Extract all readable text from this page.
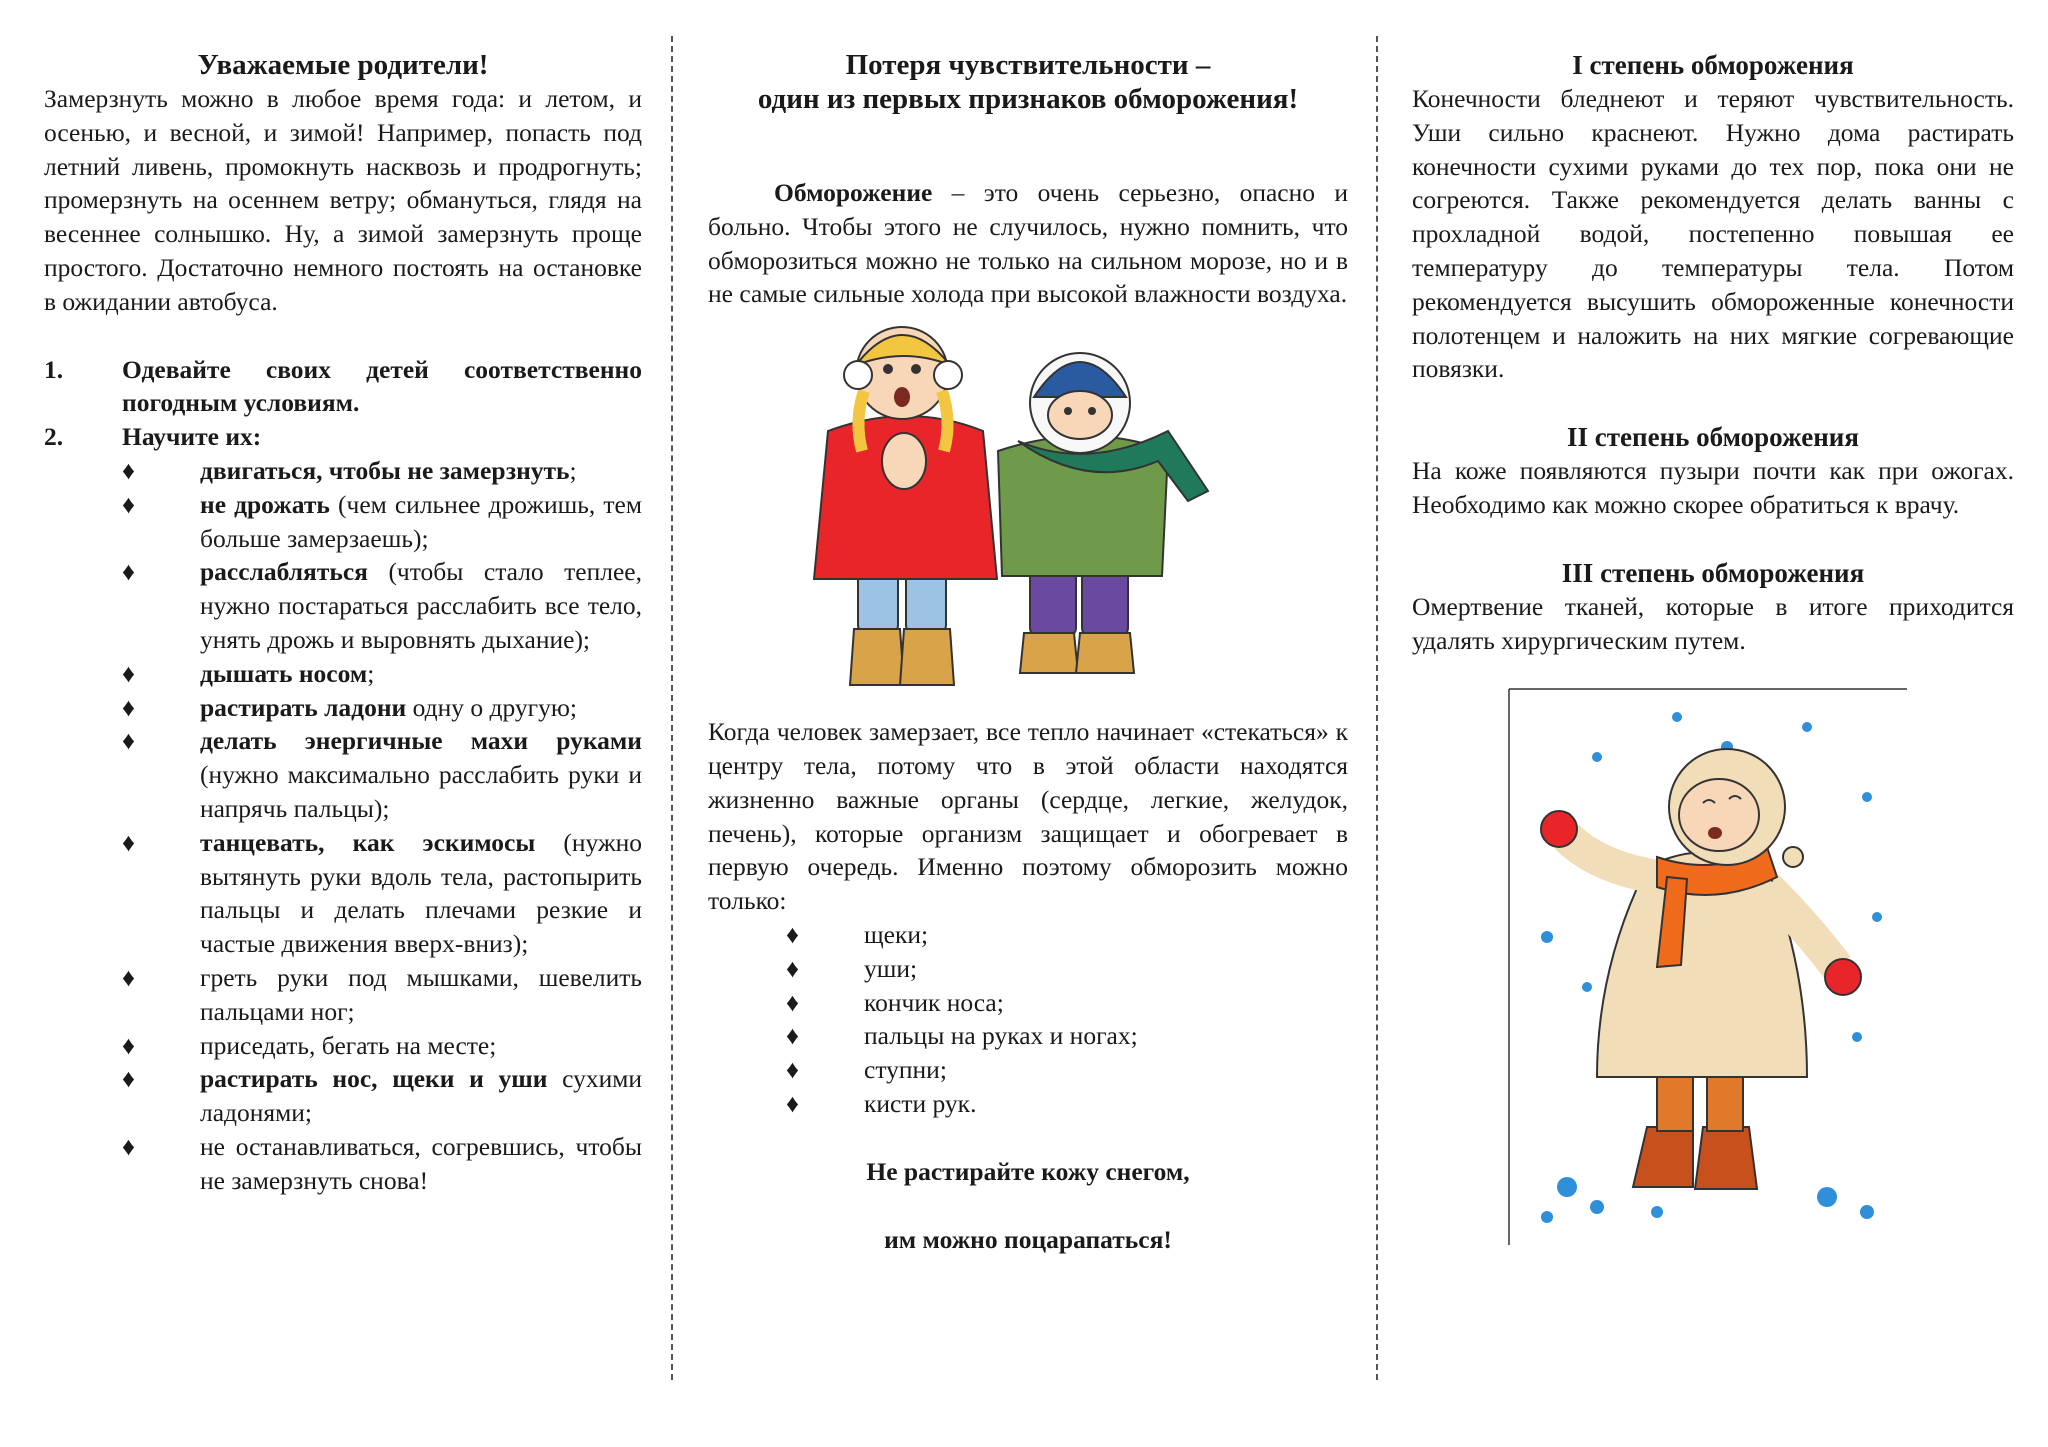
Уважаемые родители!

Замерзнуть можно в любое время года: и летом, и осенью, и весной, и зимой! Например, попасть под летний ливень, промокнуть насквозь и продрогнуть; промерзнуть на осеннем ветру; обмануться, глядя на весеннее солнышко. Ну, а зимой замерзнуть проще простого. Достаточно немного постоять на остановке в ожидании автобуса.

1.	Одевайте своих детей соответственно погодным условиям.
2.	Научите их:
♦	двигаться, чтобы не замерзнуть;
♦	не дрожать (чем сильнее дрожишь, тем больше замерзаешь);
♦	расслабляться (чтобы стало теплее, нужно постараться расслабить все тело, унять дрожь и выровнять дыхание);
♦	дышать носом;
♦	растирать ладони одну о другую;
♦	делать энергичные махи руками (нужно максимально расслабить руки и напрячь пальцы);
♦	танцевать, как эскимосы (нужно вытянуть руки вдоль тела, растопырить пальцы и делать плечами резкие и частые движения вверх-вниз);
♦	греть руки под мышками, шевелить пальцами ног;
♦	приседать, бегать на месте;
♦	растирать нос, щеки и уши сухими ладонями;
♦	не останавливаться, согревшись, чтобы не замерзнуть снова!
Потеря чувствительности –
один из первых признаков обморожения!

Обморожение – это очень серьезно, опасно и больно. Чтобы этого не случилось, нужно помнить, что обморозиться можно не только на сильном морозе, но и в не самые сильные холода при высокой влажности воздуха.

Когда человек замерзает, все тепло начинает «стекаться» к центру тела, потому что в этой области находятся жизненно важные органы (сердце, легкие, желудок, печень), которые организм защищает и обогревает в первую очередь. Именно поэтому обморозить можно только:

♦	щеки;
♦	уши;
♦	кончик носа;
♦	пальцы на руках и ногах;
♦	ступни;
♦	кисти рук.

Не растирайте кожу снегом,

им можно поцарапаться!

I степень обморожения

Конечности бледнеют и теряют чувствительность. Уши сильно краснеют. Нужно дома растирать конечности сухими руками до тех пор, пока они не согреются. Также рекомендуется делать ванны с прохладной водой, постепенно повышая ее температуру до температуры тела. Потом рекомендуется высушить обмороженные конечности полотенцем и наложить на них мягкие согревающие повязки.

II степень обморожения

На коже появляются пузыри почти как при ожогах. Необходимо как можно скорее обратиться к врачу.

III степень обморожения

Омертвение тканей, которые в итоге приходится удалять хирургическим путем.
